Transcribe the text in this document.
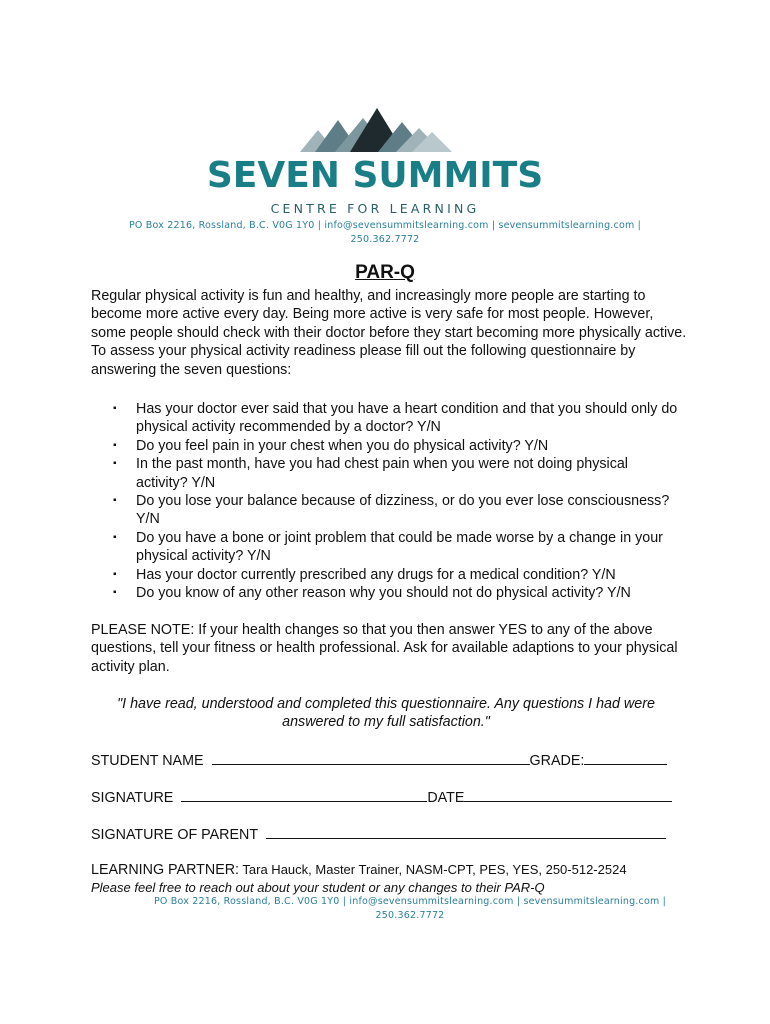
SEVEN SUMMITS
CENTRE FOR LEARNING
PO Box 2216, Rossland, B.C. V0G 1Y0 | info@sevensummitslearning.com | sevensummitslearning.com |
250.362.7772
PAR-Q

Regular physical activity is fun and healthy, and increasingly more people are starting to become more active every day. Being more active is very safe for most people. However, some people should check with their doctor before they start becoming more physically active. To assess your physical activity readiness please fill out the following questionnaire by answering the seven questions:

▪ Has your doctor ever said that you have a heart condition and that you should only do physical activity recommended by a doctor? Y/N
▪ Do you feel pain in your chest when you do physical activity? Y/N
▪ In the past month, have you had chest pain when you were not doing physical activity? Y/N
▪ Do you lose your balance because of dizziness, or do you ever lose consciousness? Y/N
▪ Do you have a bone or joint problem that could be made worse by a change in your physical activity? Y/N
▪ Has your doctor currently prescribed any drugs for a medical condition? Y/N
▪ Do you know of any other reason why you should not do physical activity? Y/N

PLEASE NOTE: If your health changes so that you then answer YES to any of the above questions, tell your fitness or health professional. Ask for available adaptions to your physical activity plan.

"I have read, understood and completed this questionnaire. Any questions I had were answered to my full satisfaction."

STUDENT NAME	GRADE:
SIGNATURE	DATE
SIGNATURE OF PARENT
LEARNING PARTNER: Tara Hauck, Master Trainer, NASM-CPT, PES, YES, 250-512-2524
Please feel free to reach out about your student or any changes to their PAR-Q
PO Box 2216, Rossland, B.C. V0G 1Y0 | info@sevensummitslearning.com | sevensummitslearning.com |
250.362.7772
